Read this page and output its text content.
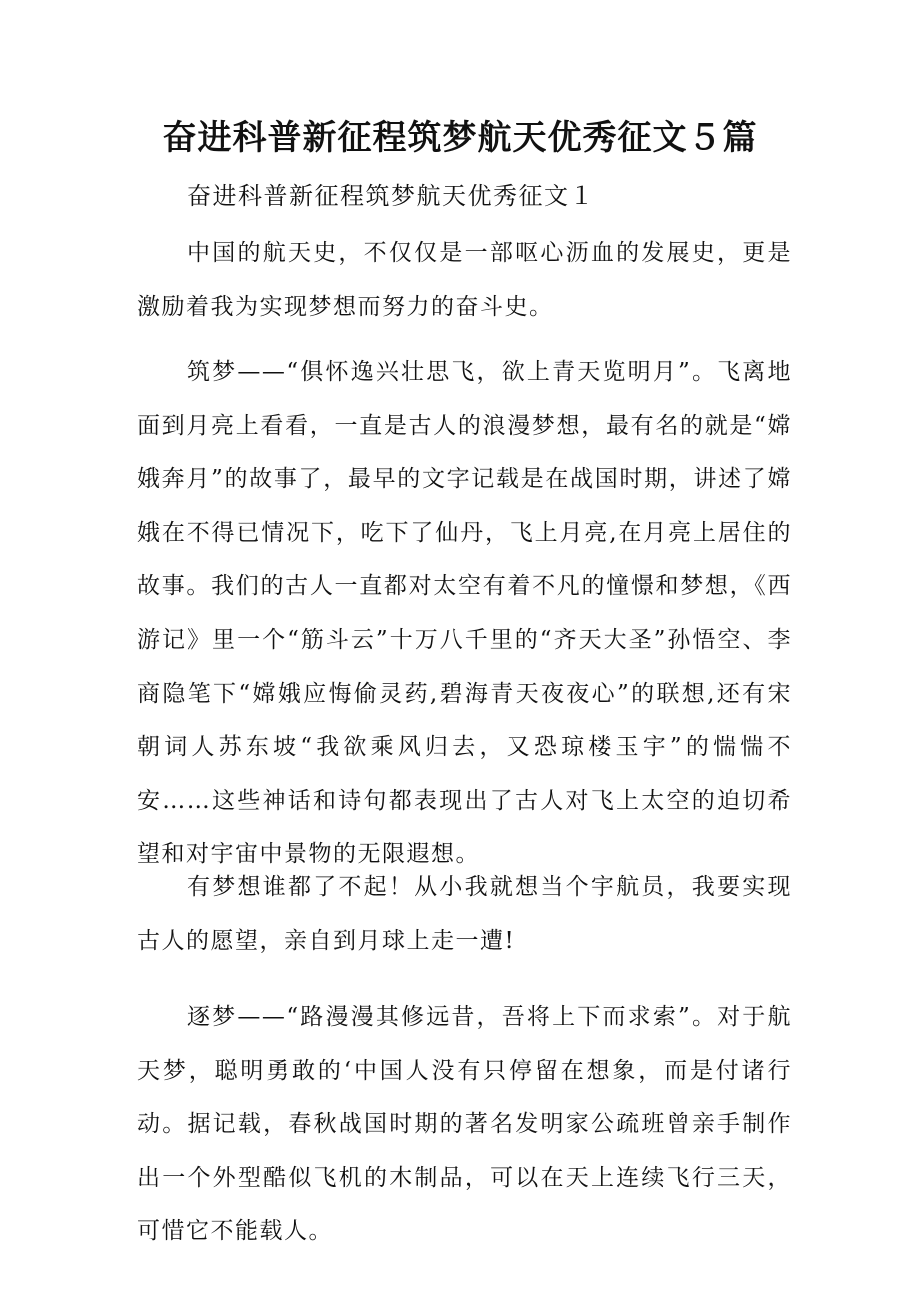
奋进科普新征程筑梦航天优秀征文５篇

奋进科普新征程筑梦航天优秀征文１

中国的航天史，不仅仅是一部呕心沥血的发展史，更是激励着我为实现梦想而努力的奋斗史。

筑梦——“俱怀逸兴壮思飞，欲上青天览明月”。飞离地面到月亮上看看，一直是古人的浪漫梦想，最有名的就是“嫦娥奔月”的故事了，最早的文字记载是在战国时期，讲述了嫦娥在不得已情况下，吃下了仙丹，飞上月亮,在月亮上居住的故事。我们的古人一直都对太空有着不凡的憧憬和梦想，《西游记》里一个“筋斗云”十万八千里的“齐天大圣”孙悟空、李商隐笔下“嫦娥应悔偷灵药,碧海青天夜夜心”的联想,还有宋朝词人苏东坡“我欲乘风归去，又恐琼楼玉宇”的惴惴不安……这些神话和诗句都表现出了古人对飞上太空的迫切希望和对宇宙中景物的无限遐想。

有梦想谁都了不起！从小我就想当个宇航员，我要实现古人的愿望，亲自到月球上走一遭!

逐梦——“路漫漫其修远昔，吾将上下而求索”。对于航天梦，聪明勇敢的‘中国人没有只停留在想象，而是付诸行动。据记载，春秋战国时期的著名发明家公疏班曾亲手制作出一个外型酷似飞机的木制品，可以在天上连续飞行三天，可惜它不能载人。
